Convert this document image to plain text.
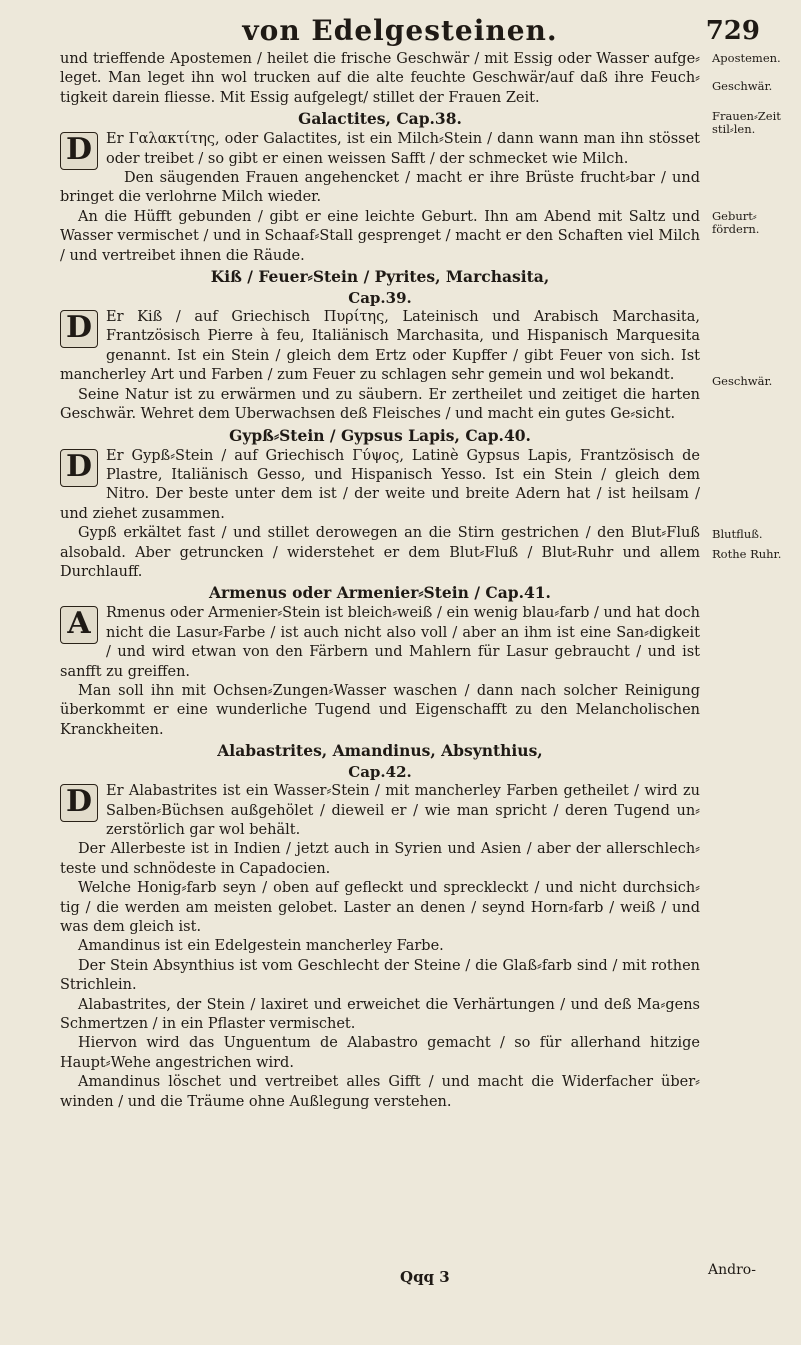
von Edelgesteinen.	729

und trieffende Apostemen / heilet die frische Geschwär / mit Essig oder Wasser aufge⸗leget. Man leget ihn wol trucken auf die alte feuchte Geschwär/auf daß ihre Feuch⸗tigkeit darein fliesse. Mit Essig aufgelegt/ stillet der Frauen Zeit.

Galactites, Cap.38.

D Er Γαλακτίτης, oder Galactites, ist ein Milch⸗Stein / dann wann man ihn stösset oder treibet / so gibt er einen weissen Safft / der schmecket wie Milch.

Den säugenden Frauen angehencket / macht er ihre Brüste frucht⸗bar / und bringet die verlohrne Milch wieder.

An die Hüfft gebunden / gibt er eine leichte Geburt. Ihn am Abend mit Saltz und Wasser vermischet / und in Schaaf⸗Stall gesprenget / macht er den Schaften viel Milch / und vertreibet ihnen die Räude.

Kiß / Feuer⸗Stein / Pyrites, Marchasita,

Cap.39.

D Er Kiß / auf Griechisch Πυρίτης, Lateinisch und Arabisch Marchasita, Frantzösisch Pierre à feu, Italiänisch Marchasita, und Hispanisch Marquesita genannt. Ist ein Stein / gleich dem Ertz oder Kupffer / gibt Feuer von sich. Ist mancherley Art und Farben / zum Feuer zu schlagen sehr gemein und wol bekandt.

Seine Natur ist zu erwärmen und zu säubern. Er zertheilet und zeitiget die harten Geschwär. Wehret dem Uberwachsen deß Fleisches / und macht ein gutes Ge⸗sicht.

Gypß⸗Stein / Gypsus Lapis, Cap.40.

D Er Gypß⸗Stein / auf Griechisch Γύψος, Latinè Gypsus Lapis, Frantzösisch de Plastre, Italiänisch Gesso, und Hispanisch Yesso. Ist ein Stein / gleich dem Nitro. Der beste unter dem ist / der weite und breite Adern hat / ist heilsam / und ziehet zusammen.

Gypß erkältet fast / und stillet derowegen an die Stirn gestrichen / den Blut⸗Fluß alsobald. Aber getruncken / widerstehet er dem Blut⸗Fluß / Blut⸗Ruhr und allem Durchlauff.

Armenus oder Armenier⸗Stein / Cap.41.

A	Rmenus oder Armenier⸗Stein ist bleich⸗weiß / ein wenig blau⸗farb / und hat doch nicht die Lasur⸗Farbe / ist auch nicht also voll / aber an ihm ist eine San⸗digkeit / und wird etwan von den Färbern und Mahlern für Lasur gebraucht / und ist sanfft zu greiffen.

Man soll ihn mit Ochsen⸗Zungen⸗Wasser waschen / dann nach solcher Reinigung überkommt er eine wunderliche Tugend und Eigenschafft zu den Melancholischen Kranckheiten.

Alabastrites, Amandinus, Absynthius,

Cap.42.

D Er Alabastrites ist ein Wasser⸗Stein / mit mancherley Farben getheilet / wird zu Salben⸗Büchsen außgehölet / dieweil er / wie man spricht / deren Tugend un⸗zerstörlich gar wol behält.

Der Allerbeste ist in Indien / jetzt auch in Syrien und Asien / aber der allerschlech⸗teste und schnödeste in Capadocien.

Welche Honig⸗farb seyn / oben auf gefleckt und spreckleckt / und nicht durchsich⸗tig / die werden am meisten gelobet. Laster an denen / seynd Horn⸗farb / weiß / und was dem gleich ist.

Amandinus ist ein Edelgestein mancherley Farbe.

Der Stein Absynthius ist vom Geschlecht der Steine / die Glaß⸗farb sind / mit rothen Strichlein.

Alabastrites, der Stein / laxiret und erweichet die Verhärtungen / und deß Ma⸗gens Schmertzen / in ein Pflaster vermischet.

Hiervon wird das Unguentum de Alabastro gemacht / so für allerhand hitzige Haupt⸗Wehe angestrichen wird.

Amandinus löschet und vertreibet alles Gifft / und macht die Widerfacher über⸗winden / und die Träume ohne Außlegung verstehen.

Apostemen.
Geschwär.
Frauen⸗Zeit stil⸗len.
Geburt⸗fördern.
Geschwär.
Blutfluß.
Rothe Ruhr.
Qqq 3	Andro-
